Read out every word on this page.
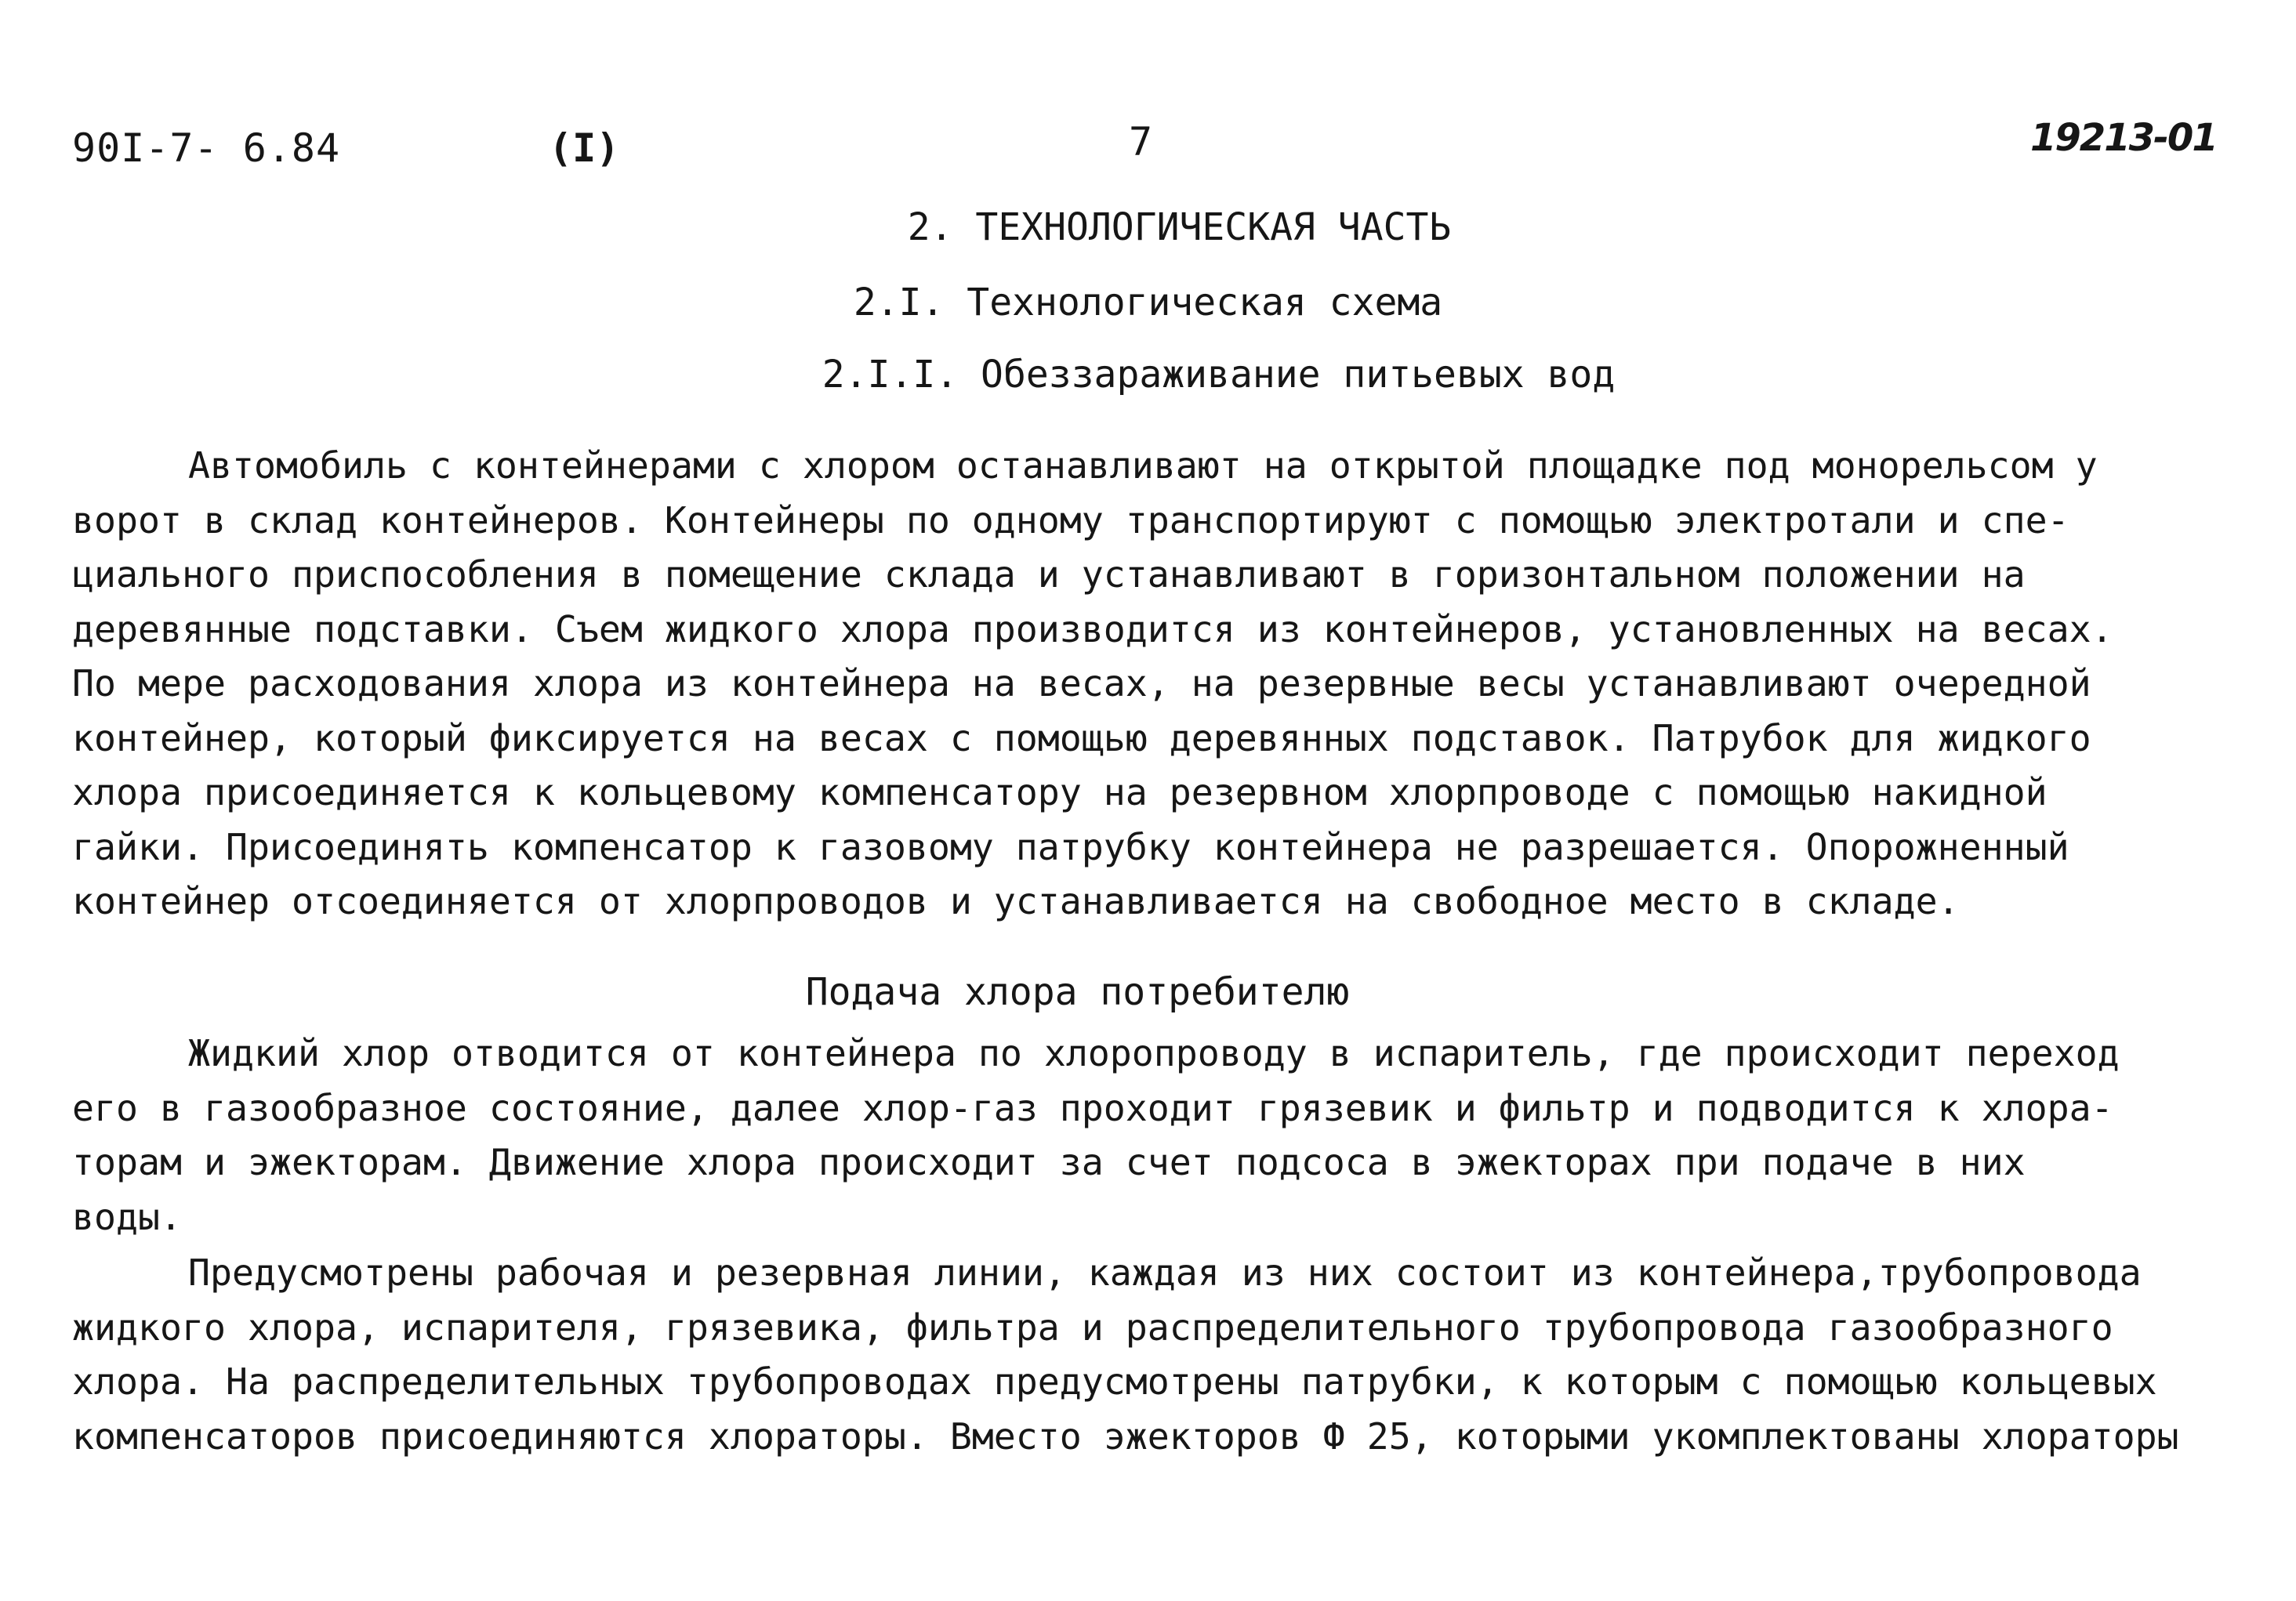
90I-7- 6.84	(I)	7	19213-01
2. ТЕХНОЛОГИЧЕСКАЯ ЧАСТЬ
2.I. Технологическая схема
2.I.I. Обеззараживание питьевых вод
Автомобиль с контейнерами с хлором останавливают на открытой площадке под монорельсом у
ворот в склад контейнеров. Контейнеры по одному транспортируют с помощью электротали и спе-
циального приспособления в помещение склада и устанавливают в горизонтальном положении на
деревянные подставки. Съем жидкого хлора производится из контейнеров, установленных на весах.
По мере расходования хлора из контейнера на весах, на резервные весы устанавливают очередной
контейнер, который фиксируется на весах с помощью деревянных подставок. Патрубок для жидкого
хлора присоединяется к кольцевому компенсатору на резервном хлорпроводе с помощью накидной
гайки. Присоединять компенсатор к газовому патрубку контейнера не разрешается. Опорожненный
контейнер отсоединяется от хлорпроводов и устанавливается на свободное место в складе.
Подача хлора потребителю
Жидкий хлор отводится от контейнера по хлоропроводу в испаритель, где происходит переход
его в газообразное состояние, далее хлор-газ проходит грязевик и фильтр и подводится к хлора-
торам и эжекторам. Движение хлора происходит за счет подсоса в эжекторах при подаче в них
воды.
Предусмотрены рабочая и резервная линии, каждая из них состоит из контейнера,трубопровода
жидкого хлора, испарителя, грязевика, фильтра и распределительного трубопровода газообразного
хлора. На распределительных трубопроводах предусмотрены патрубки, к которым с помощью кольцевых
компенсаторов присоединяются хлораторы. Вместо эжекторов Ф 25, которыми укомплектованы хлораторы
